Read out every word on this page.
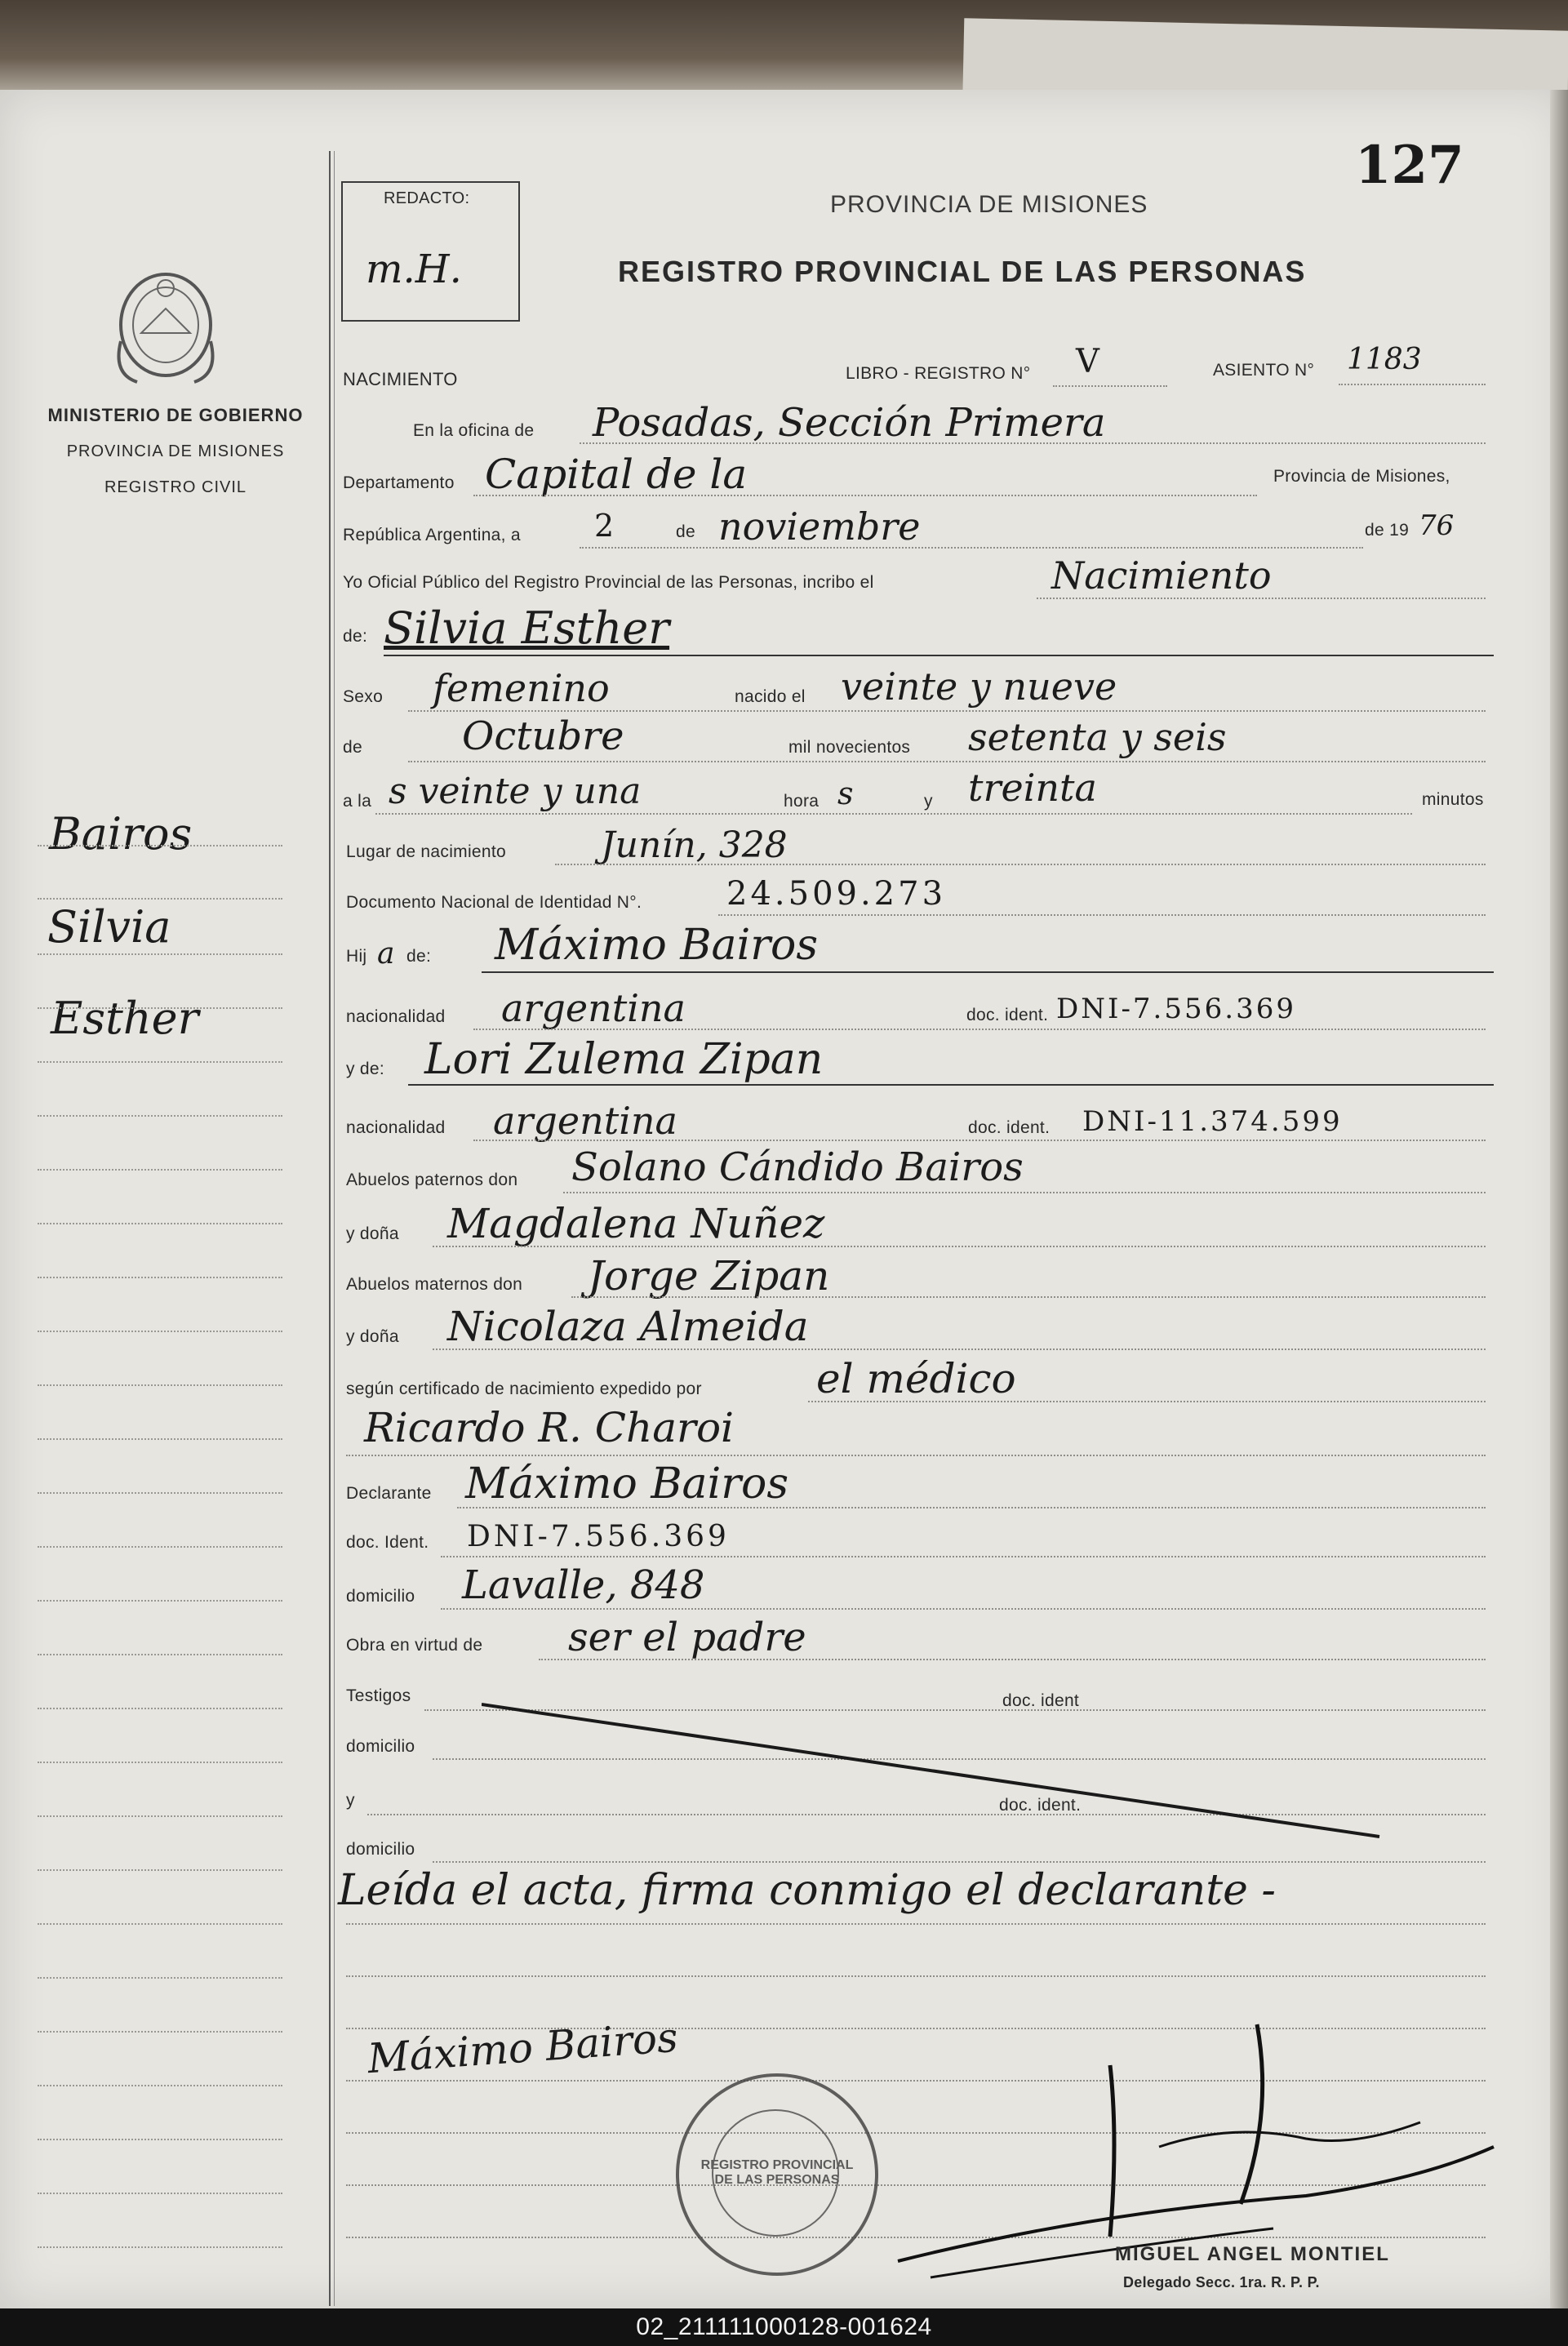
127
REDACTO:
m.H.
PROVINCIA DE MISIONES
REGISTRO PROVINCIAL DE LAS PERSONAS
MINISTERIO DE GOBIERNO
PROVINCIA DE MISIONES
REGISTRO CIVIL
Bairos
Silvia
Esther
NACIMIENTO	LIBRO - REGISTRO N° V	ASIENTO N° 1183
En la oficina de Posadas, Sección Primera
Departamento Capital de la	Provincia de Misiones,
República Argentina, a 2	de noviembre	de 19 76
Yo Oficial Público del Registro Provincial de las Personas, incribo el	Nacimiento
de: Silvia Esther
Sexo femenino	nacido el veinte y nueve
de	Octubre	mil novecientos setenta y seis
a la s veinte y una	hora s	y treinta	minutos
Lugar de nacimiento	Junín, 328
Documento Nacional de Identidad N°.	24.509.273
Hij a de: Máximo Bairos
nacionalidad argentina	doc. ident. DNI-7.556.369
y de: Lori Zulema Zipan
nacionalidad argentina	doc. ident. DNI-11.374.599
Abuelos paternos don Solano Cándido Bairos
y doña Magdalena Nuñez
Abuelos maternos don Jorge Zipan
y doña Nicolaza Almeida
según certificado de nacimiento expedido por	el médico
Ricardo R. Charoi
Declarante Máximo Bairos
doc. Ident. DNI-7.556.369
domicilio Lavalle, 848
Obra en virtud de ser el padre
Testigos	doc. ident
domicilio
y	doc. ident.
domicilio
Leída el acta, firma conmigo el declarante -
Máximo Bairos
REGISTRO PROVINCIAL DE LAS PERSONAS
MIGUEL ANGEL MONTIEL
Delegado Secc. 1ra. R. P. P.
02_211111000128-001624
